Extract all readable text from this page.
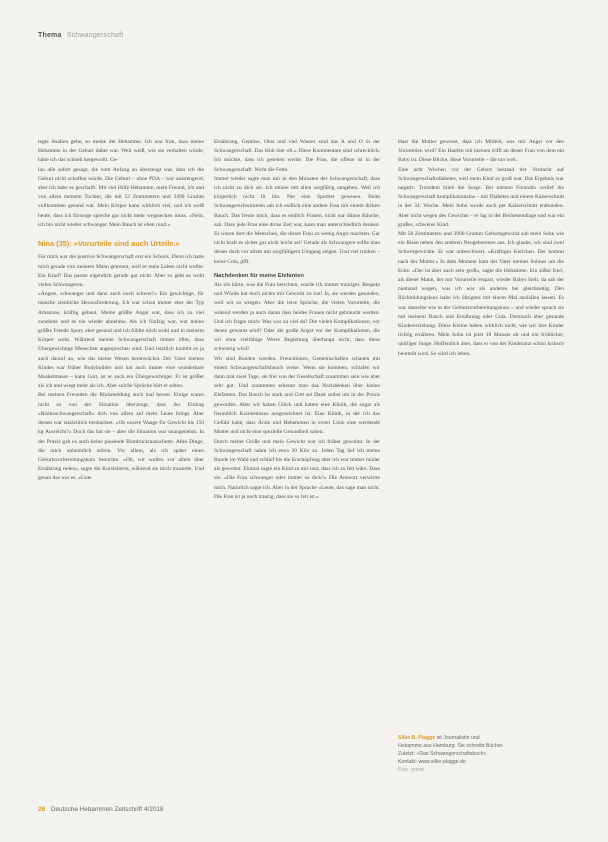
Thema Schwangerschaft

legte Studien gebe, so meine die Hebamme. Ich war froh, dass meine Hebamme in der Geburt dabei war. Weil weiß, wie sie verhalten würde, hätte ich das schnell hergewollt. Ge-

lau alle sofort gesagt, die vom Anfang an überzeugt war, dass ich die Geburt nicht schaffen würde. Die Geburt – ohne PDA – war anstrengend, aber ich habe es geschafft. Mit viel Hilfe Hebamme, mein Freund, ich und von allem meinem Tochter, die mit 52 Zentimetern und 3490 Gramm vollkommen gesund war. Mein Körper kann wirklich viel, und ich weiß heute, dass ich fürsorge spreche gar nicht mehr wegstecken muss. »Nein, ich bin nicht wieder schwanger. Mein Bauch ist eben rund.«

Nina (35): »Vorurteile sind auch Urteile.«

Für mich war die positive Schwangerschaft erst ein Schock. Denn ich hatte mich gerade von meinem Mann getrennt, weil er mein Leben nicht wollte. Ein Kind? Das passte eigentlich gerade gar nicht. Aber so geht es wohl vielen Schwangeren.

»Ängste, schwanger und dann auch noch schwer?« Ein gewichtige, für manche ziemliche Herausforderung. Ich war schon immer eher der Typ Amazone, kräftig gebaut. Meine größte Angst war, dass ich zu viel zunehme und es nie wieder abnehme. Als ich fünfzig war, war meine größte Freude Sport, eher gesund und ich fühlte mich wohl und in meinem Körper wohl. Während meiner Schwangerschaft immer öfter, dass Übergewichtige Menschen angesprochen sind. Und letztlich kommt es ja auch darauf an, wie das kleine Wesen heranwächst. Der Vater meines Kindes war früher Bodybuilder und hat auch immer eine wunderbare Muskelmasse – kann Gott, ist er auch ein Übergewichtiger. Er ist größer als ich und wiegt mehr als ich. Aber solche Sprüche hört er selten.

Bei meinen Freunden die Rückmeldung auch mal besser. Einige waren nicht so von der Situation überzeugt, dass der Eintrag »Risikoschwangerschaft« dich von allem auf mehr Leute bringt. Aber diesen war tatsächlich beobachtet. »Ob unsere Waage für Gewicht bis 150 kg Ausreicht?« Doch das hat sie – aber die Situation war unangenehm. In der Praxis gab es auch keine passende Blutdruckmanschette. Alles Dinge, die mich unheimlich stören. Vor allem, als ich später einen Geburtsvorbereitungskurs besuchte. »Oh, wir wollen vor allem über Ernährung reden«, sagte die Kursleiterin, während sie mich musterte. Und genau das war es. »Gute

Ernährung, Gemüse, Obst und viel Wasser sind das A und O in der Schwangerschaft. Das fehlt hier oft.« Diese Kommentare sind schrecklich. Ich möchte, dass ich gesehen werde. Die Frau, die offene ist in der Schwangerschaft. Nicht die Fette.

Immer wieder sagte man mir in den Monaten der Schwangerschaft, dass ich nicht zu dick sei. Ich müsse mit allen sorgfältig umgehen. Weil ich körperlich nicht fit bin. Nie eine Sportler gewesen. Beim Schwangerschwimmen sah ich endlich eine andere Frau mit einem dicken Bauch. Das freute mich, dass es endlich Frauen, nicht nur dünne Bäuche, sah. Dass jede Frau eine dicke Zeit war, kann man unterschiedlich denken. Es waren dort die Menschen, die dieser Frau zu wenig Angst machten. Gar nicht kraft es sicher gar nicht leicht sei! Gerade als Schwangere sollte man dieses doch vor allem mit sorgfältigem Umgang zeigen. Und viel trinken – keine Cola, pfff.

Nachdenken für meine Elefanten

Als ich hörte, was die Frau berichten, wurde ich immer trauriger. Respekt und Würde hat doch nichts mit Gewicht zu tun! Ja, sie werden gesunden, weil wir so wiegen. Aber die leise Sprache, die vielen Vorurteile, die wütend werden ja auch daran dass beides Frauen nicht gebraucht werden. Und ich fragte mich: Was war zu viel da? Die vielen Komplikationen, vor denen gewarnt wird? Oder die große Angst vor der Komplikationen, die wir ohne vielfältige Weise Begleitung überhaupt nicht, dass diese schwierig wird?

Wir sind Runden worden. Freundinnen, Gemeinschaften schauen mit einem Schwangerschaftsbauch weise. Wenn sie kommen, schlafen wir dann mal zwei Tage, sie frei von der Gesellschaft zusammen sein wie aber sehr gut. Und zusammen erkennt man das Nachdenken über kleine Elefanten. Das Bauch ist stark und Gott sei Dank selbst um in der Praxis geworden. Aber wir haben Glück und hatten eine Klinik, die sogar als freundlich Krankenhaus ausgezeichnet ist. Eine Klinik, in der ich das Gefühl habe, dass Ärzte und Hebammen in erster Linie eine werdende Mutter und nicht eine spezielle Gesundheit sahen.

Durch meine Größe und mein Gewicht war ich früher gewohnt. In der Schwangerschaft nahm ich etwa 30 Kilo zu. Jeden Tag lief ich meine Runde im Wald und schlief bis die Erschöpfung aber ich war immer müder als gewohnt. Einmal sagte ein Kind zu mir laut, dass ich zu fett wäre. Dass sie: »Die Frau schwanger oder immer so dick?« Die Antwort verwirrte mich. Natürlich sagte ich. Aber in der Sprache »Leute, das sage man nicht. Die Frau ist ja noch traurig, dass sie so fett ist.«

Hast die Mutter gewusst, dass ich Mitleid, was mir Angst vor den Vorurteilen wird? Ein Haufen mit kleinen trifft an dieser Frau von dem ein Baby ist. Diese Blicke, diese Vorurteile – die tun weh.

Eine acht Wochen vor der Geburt bestand der Verdacht auf Schwangerschaftsdiabetes, weil mein Kind so groß war. Das Ergebnis war negativ. Trotzdem blieb die Sorge. Bei meinen Freundin verlief die Schwangerschaft komplikationslos – mit Diabetes und einem Kaiserschnitt in der 34. Woche. Mein Sohn wurde auch per Kaiserschnitt entbunden. Aber nicht wegen des Gewichts – er lag in der Beckenendlage und war ein großes, schweres Kind.

Mit 58 Zentimetern und 3900 Gramm Geburtsgewicht sah mein Sohn wie ein Riese neben den anderen Neugeborenen aus. Ich glaube, wir sind zwei Schwergewichte. Er war unbeschwert. »Kräftiges Kerlchen. Der kommt nach der Mutter.« In dem Moment kam der Vater meines Sohnes um die Ecke. »Der ist aber auch sehr groß«, sagte die Hebamme. Ein süßer Kerl, als dieser Mann, der mir Vorurteile erspart, wieder Babys hielt, da sah der niemand wegen, was ich war als anderen bei gleichzeitig. Den Rückbildungskurs habe ich übrigens mit einem Mal ausfallen lassen. Es war dasselbe wie in der Geburtsvorbereitungskurs – und wieder sprach sie mit meinem Bauch und Ernährung oder Cola. Demnach aber gesunde Kindererziehung. Diese Kleine haben wirklich nicht, wie wir ihre Kinder richtig ernähren. Mein Sohn ist jetzt 18 Monate alt und ein fröhlicher, quirliger Junge. Hoffentlich aber, dass er von der Kinderarzt schon kritisch beurteilt wird. So wird ich leben.

Silke B. Plagge ist Journalistin und
Hebamme aus Hamburg. Sie schreibt Bücher.
Zuletzt: »Das Schwangerschaftsbuch«
Kontakt: www.silke-plagge.de
Foto: privat
28 Deutsche Hebammen Zeitschrift 4/2018
